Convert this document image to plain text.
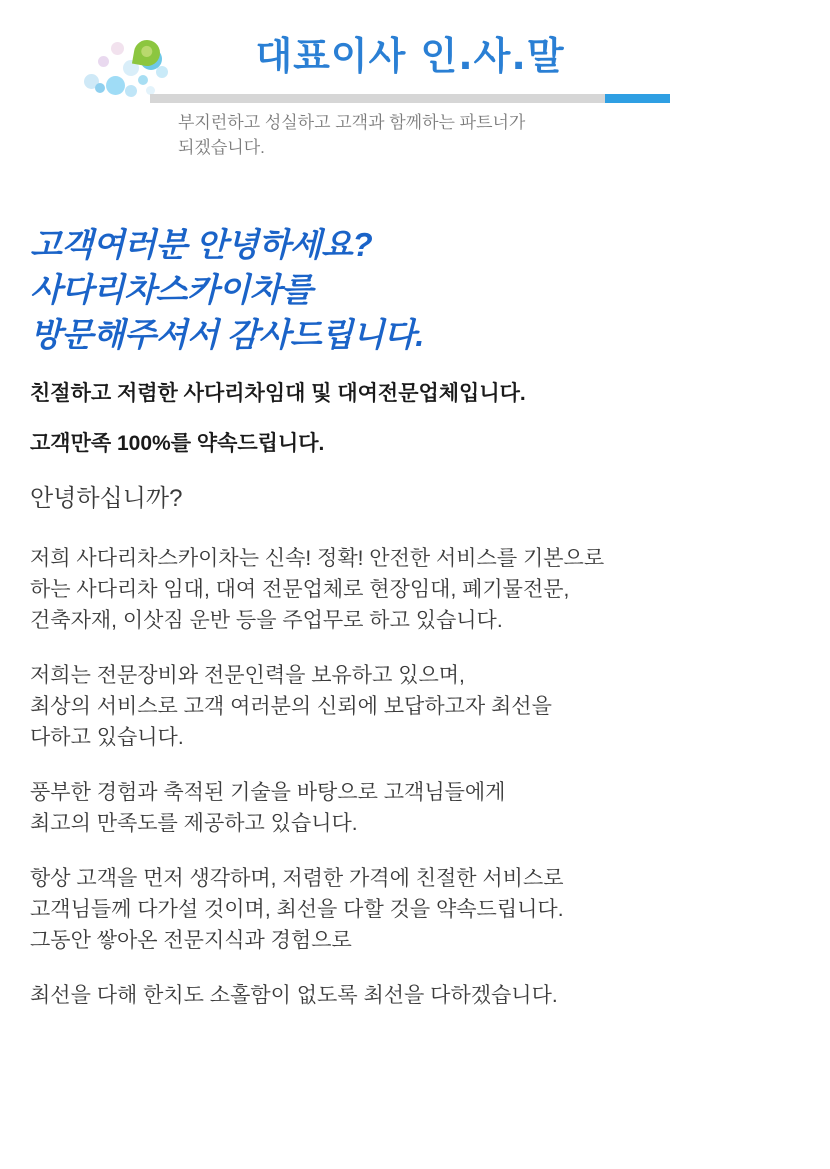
대표이사 인.사.말
부지런하고 성실하고 고객과 함께하는 파트너가
되겠습니다.
고객여러분 안녕하세요?
사다리차스카이차를
방문해주셔서 감사드립니다.
친절하고 저렴한 사다리차임대 및 대여전문업체입니다.
고객만족 100%를 약속드립니다.
안녕하십니까?
저희 사다리차스카이차는 신속! 정확! 안전한 서비스를 기본으로
하는 사다리차 임대, 대여 전문업체로 현장임대, 폐기물전문,
건축자재, 이삿짐 운반 등을 주업무로 하고 있습니다.
저희는 전문장비와 전문인력을 보유하고 있으며,
최상의 서비스로 고객 여러분의 신뢰에 보답하고자 최선을
다하고 있습니다.
풍부한 경험과 축적된 기술을 바탕으로 고객님들에게
최고의 만족도를 제공하고 있습니다.
항상 고객을 먼저 생각하며, 저렴한 가격에 친절한 서비스로
고객님들께 다가설 것이며, 최선을 다할 것을 약속드립니다.
그동안 쌓아온 전문지식과 경험으로
최선을 다해 한치도 소홀함이 없도록 최선을 다하겠습니다.
